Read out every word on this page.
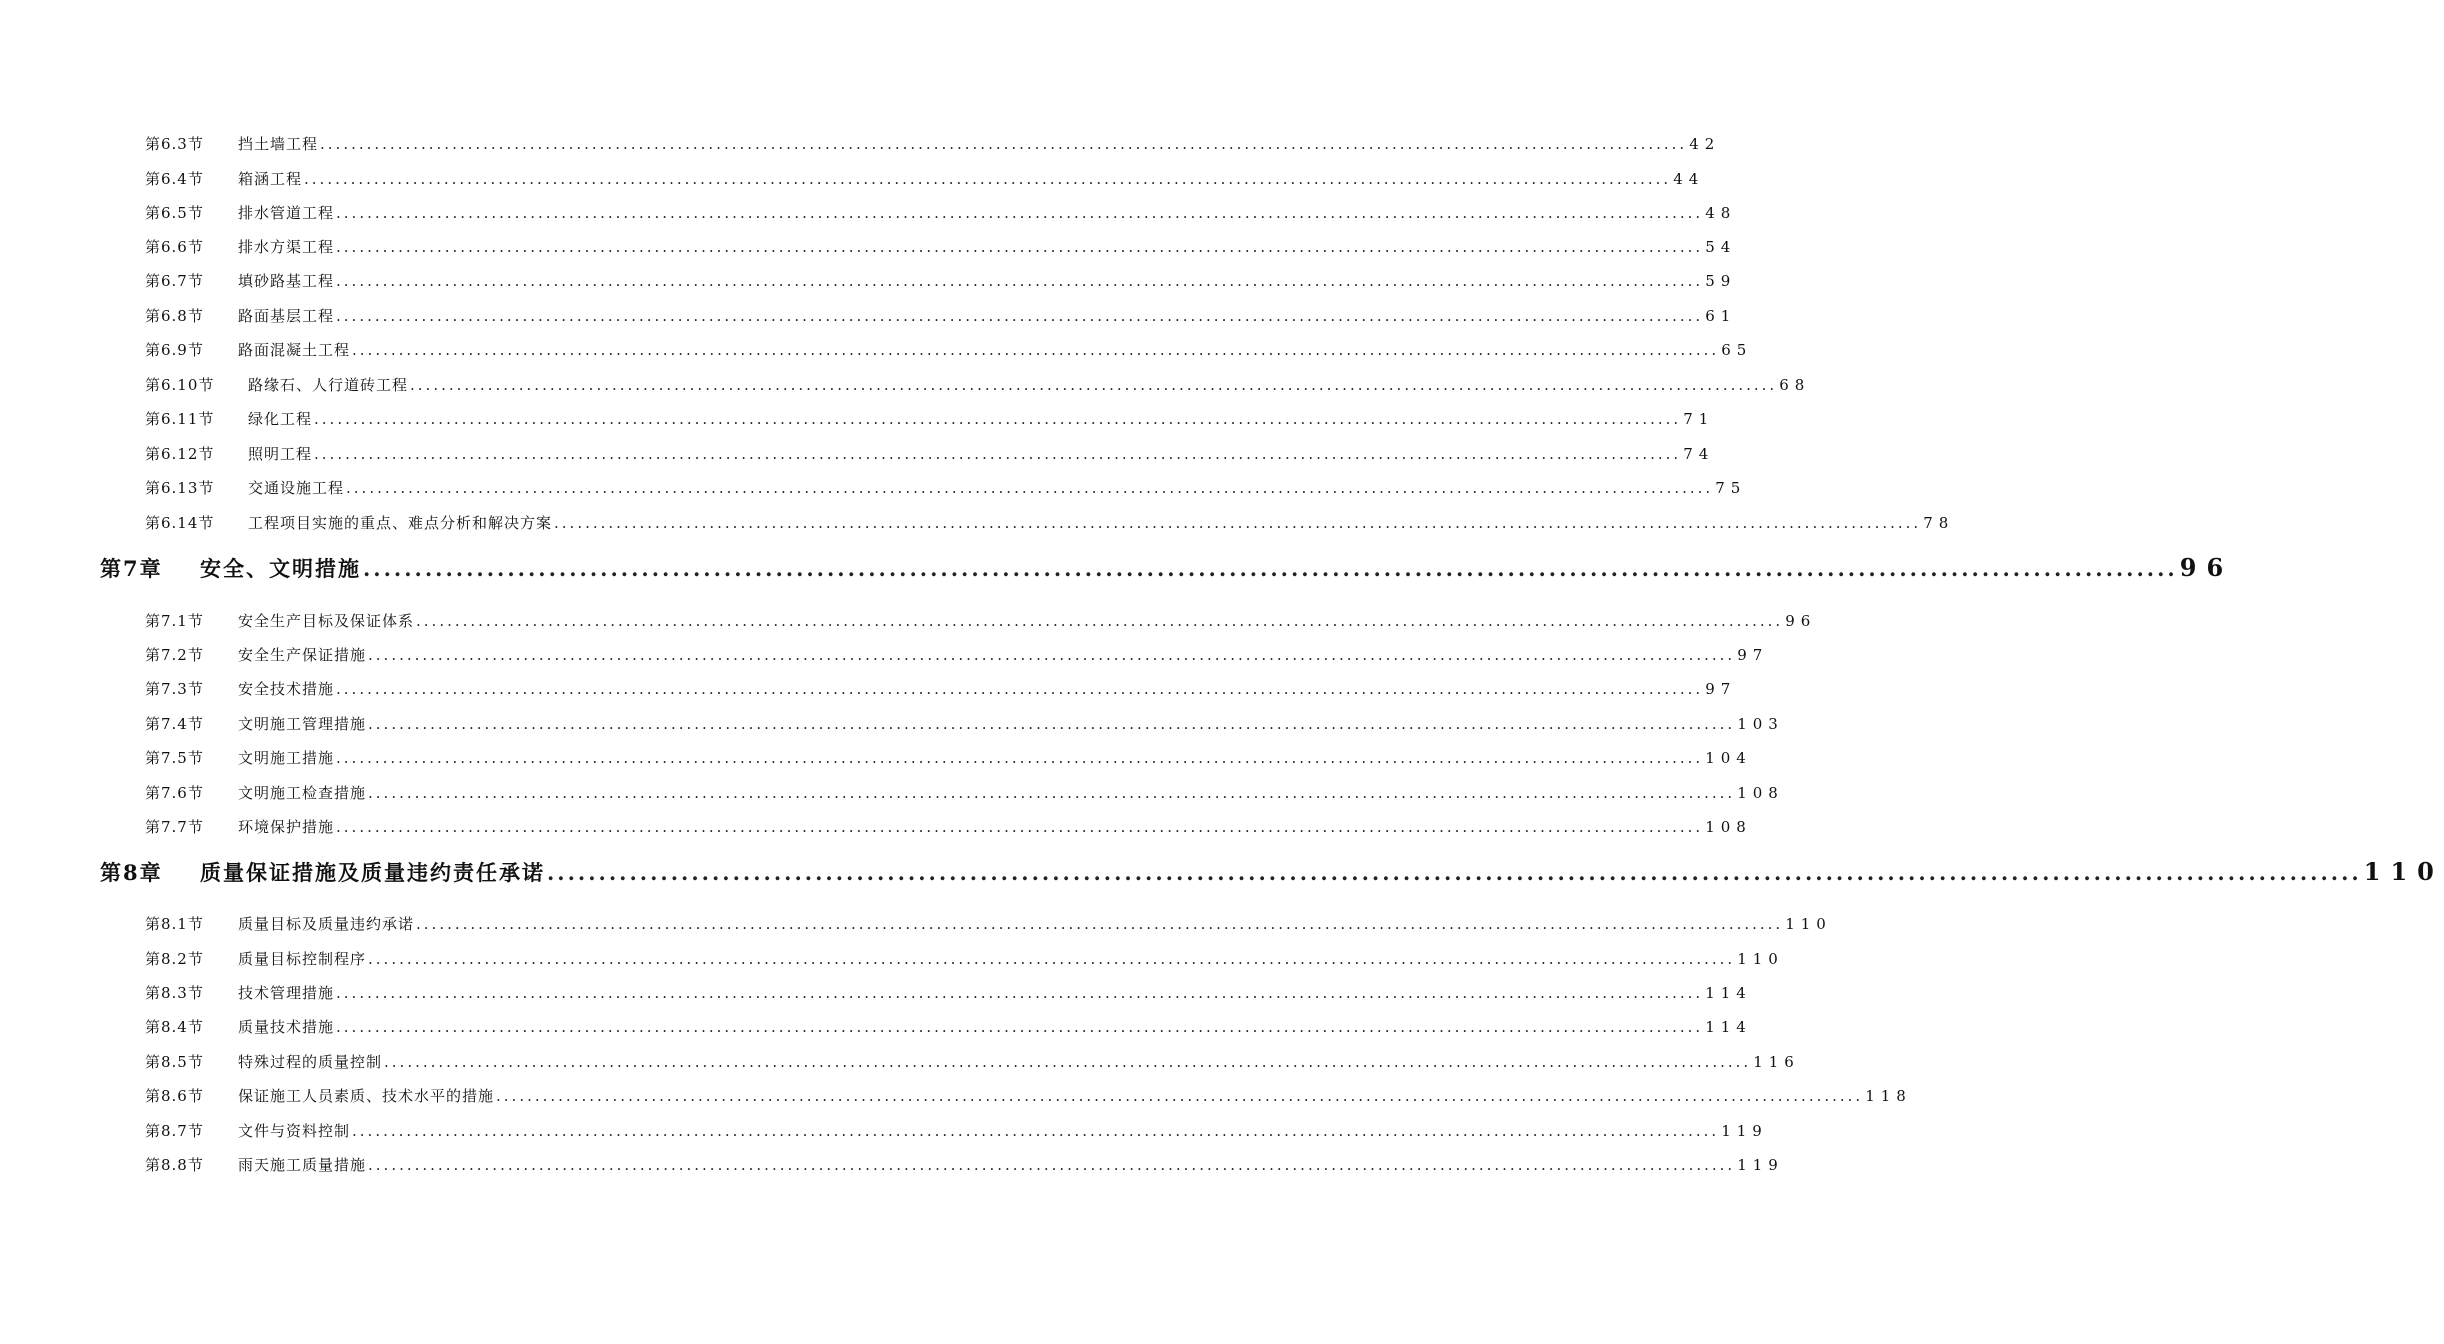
第6.3节	挡土墙工程 .....	42
第6.4节	箱涵工程 .....	44
第6.5节	排水管道工程 .....	48
第6.6节	排水方渠工程 .....	54
第6.7节	填砂路基工程 .....	59
第6.8节	路面基层工程 .....	61
第6.9节	路面混凝土工程 .....	65
第6.10节	路缘石、人行道砖工程 .....	68
第6.11节	绿化工程 .....	71
第6.12节	照明工程 .....	74
第6.13节	交通设施工程 .....	75
第6.14节	工程项目实施的重点、难点分析和解决方案 .....	78
第7章	安全、文明措施 .....	96
第7.1节	安全生产目标及保证体系 .....	96
第7.2节	安全生产保证措施 .....	97
第7.3节	安全技术措施 .....	97
第7.4节	文明施工管理措施 .....	103
第7.5节	文明施工措施 .....	104
第7.6节	文明施工检查措施 .....	108
第7.7节	环境保护措施 .....	108
第8章	质量保证措施及质量违约责任承诺 .....	110
第8.1节	质量目标及质量违约承诺 .....	110
第8.2节	质量目标控制程序 .....	110
第8.3节	技术管理措施 .....	114
第8.4节	质量技术措施 .....	114
第8.5节	特殊过程的质量控制 .....	116
第8.6节	保证施工人员素质、技术水平的措施 .....	118
第8.7节	文件与资料控制 .....	119
第8.8节	雨天施工质量措施 .....	119
